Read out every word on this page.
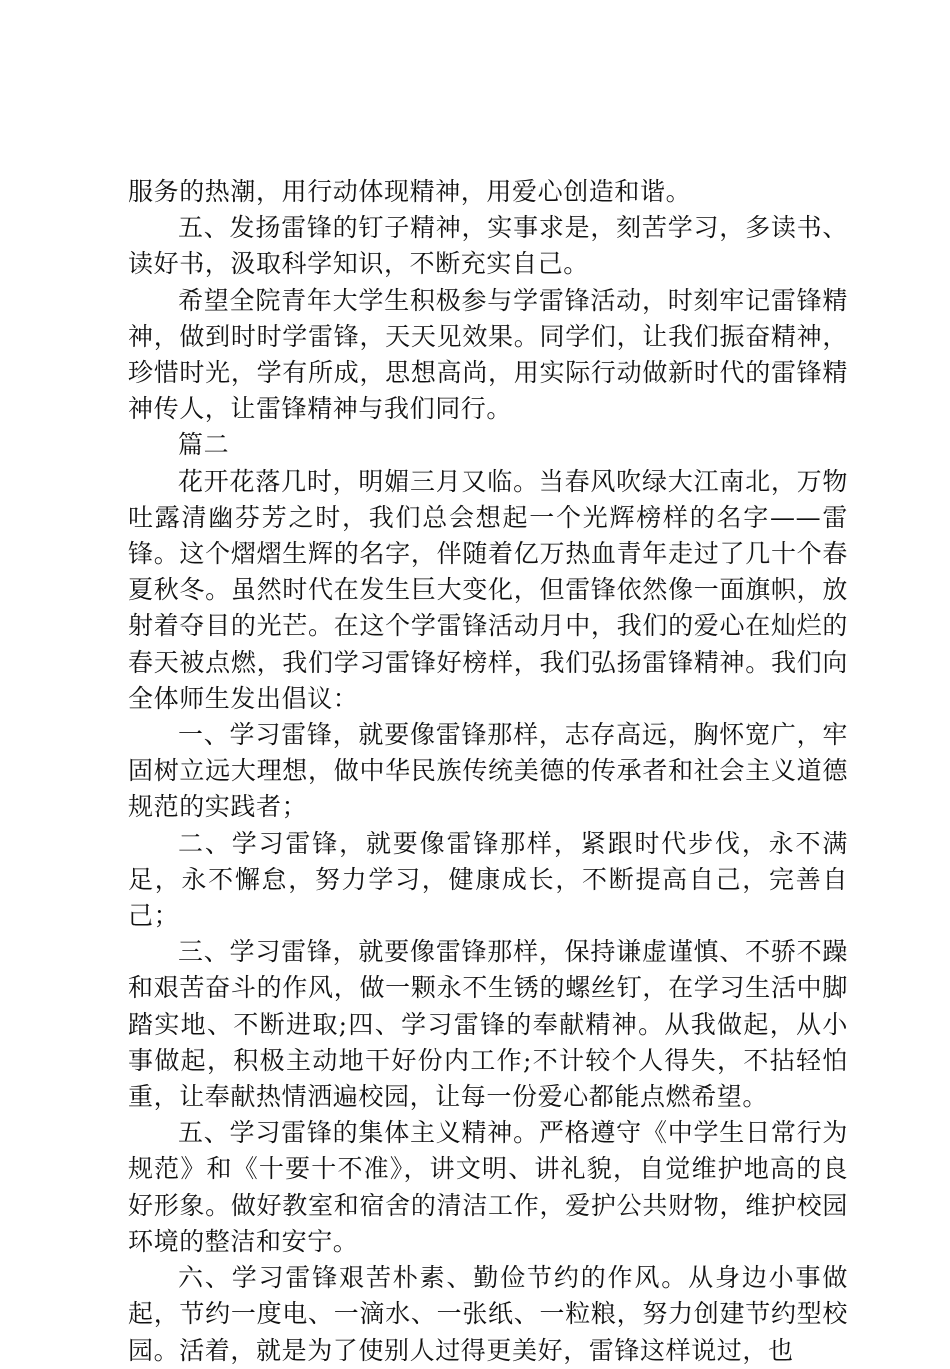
服务的热潮，用行动体现精神，用爱心创造和谐。

五、发扬雷锋的钉子精神，实事求是，刻苦学习，多读书、读好书，汲取科学知识，不断充实自己。

希望全院青年大学生积极参与学雷锋活动，时刻牢记雷锋精神，做到时时学雷锋，天天见效果。同学们，让我们振奋精神，珍惜时光，学有所成，思想高尚，用实际行动做新时代的雷锋精神传人，让雷锋精神与我们同行。

篇二

花开花落几时，明媚三月又临。当春风吹绿大江南北，万物吐露清幽芬芳之时，我们总会想起一个光辉榜样的名字——雷锋。这个熠熠生辉的名字，伴随着亿万热血青年走过了几十个春夏秋冬。虽然时代在发生巨大变化，但雷锋依然像一面旗帜，放射着夺目的光芒。在这个学雷锋活动月中，我们的爱心在灿烂的春天被点燃，我们学习雷锋好榜样，我们弘扬雷锋精神。我们向全体师生发出倡议：

一、学习雷锋，就要像雷锋那样，志存高远，胸怀宽广，牢固树立远大理想，做中华民族传统美德的传承者和社会主义道德规范的实践者；

二、学习雷锋，就要像雷锋那样，紧跟时代步伐，永不满足，永不懈怠，努力学习，健康成长，不断提高自己，完善自己；

三、学习雷锋，就要像雷锋那样，保持谦虚谨慎、不骄不躁和艰苦奋斗的作风，做一颗永不生锈的螺丝钉，在学习生活中脚踏实地、不断进取;四、学习雷锋的奉献精神。从我做起，从小事做起，积极主动地干好份内工作;不计较个人得失，不拈轻怕重，让奉献热情洒遍校园，让每一份爱心都能点燃希望。

五、学习雷锋的集体主义精神。严格遵守《中学生日常行为规范》和《十要十不准》，讲文明、讲礼貌，自觉维护地高的良好形象。做好教室和宿舍的清洁工作，爱护公共财物，维护校园环境的整洁和安宁。

六、学习雷锋艰苦朴素、勤俭节约的作风。从身边小事做起，节约一度电、一滴水、一张纸、一粒粮，努力创建节约型校园。活着，就是为了使别人过得更美好，雷锋这样说过，也
